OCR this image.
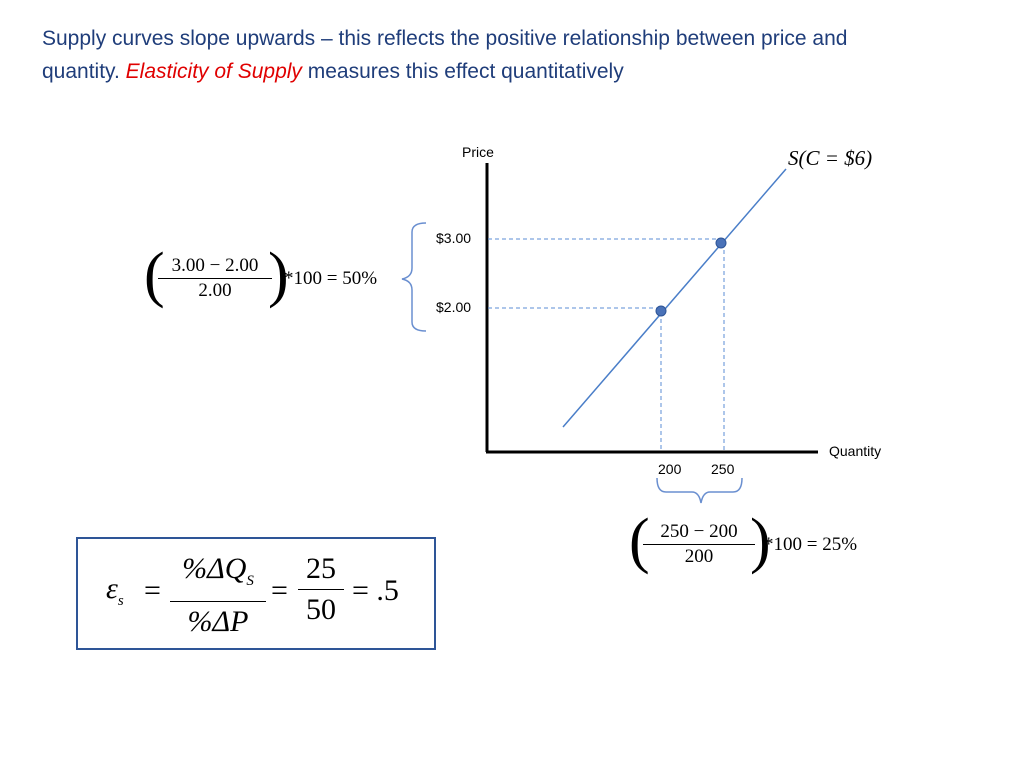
Supply curves slope upwards – this reflects the positive relationship between price and
quantity. Elasticity of Supply measures this effect quantitatively
Price
Quantity
$3.00
$2.00
200 250
S(C = $6)
(
$\frac{3.00 - 2.00}{2.00}$
)
*100 = 50%
(
$\frac{250 - 200}{200}$
)
*100 = 25%
$\varepsilon_s$ =
$\%\Delta Q_S$
%ΔP
= $\frac{25}{50} = .5$
